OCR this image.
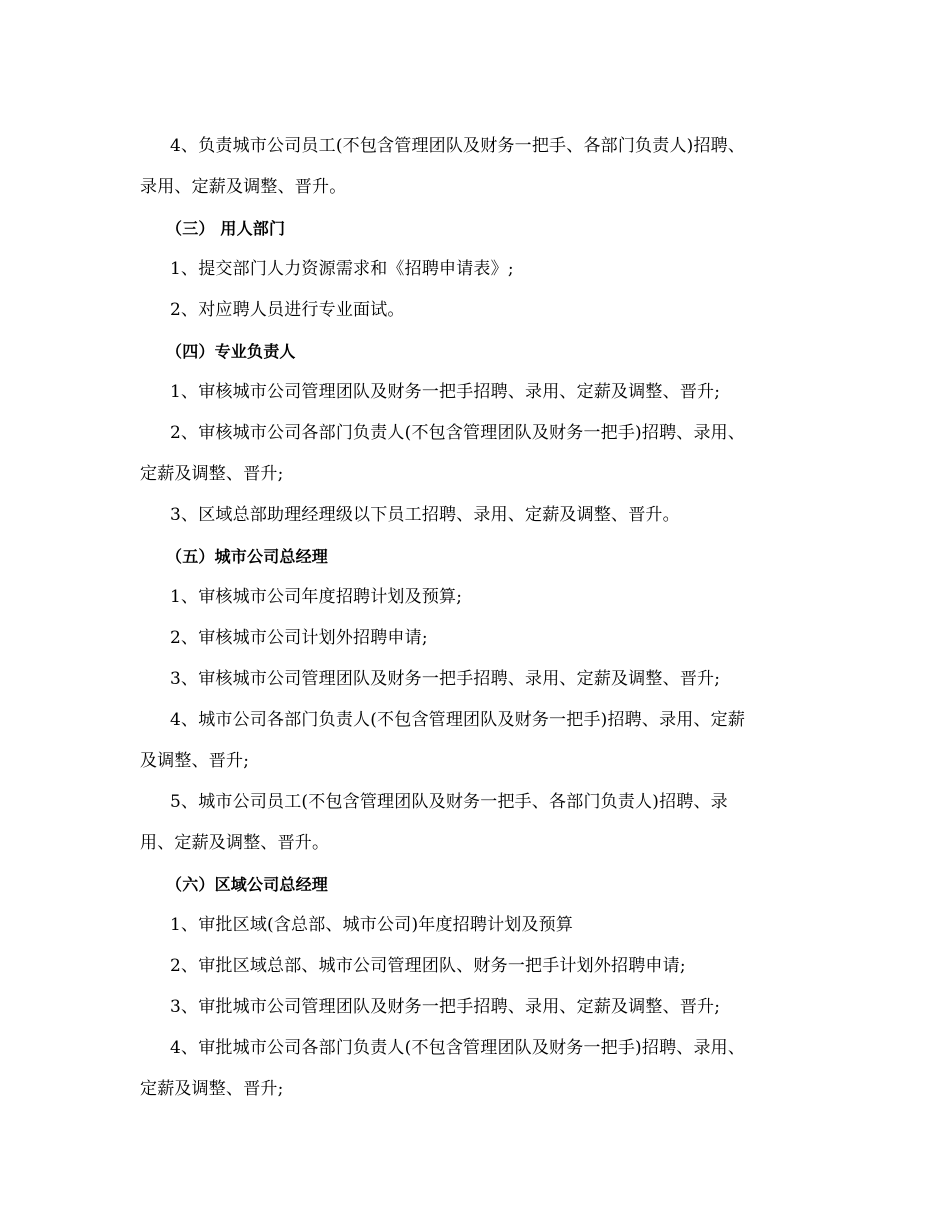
4、负责城市公司员工(不包含管理团队及财务一把手、各部门负责人)招聘、
录用、定薪及调整、晋升。
（三） 用人部门
1、提交部门人力资源需求和《招聘申请表》;
2、对应聘人员进行专业面试。
（四）专业负责人
1、审核城市公司管理团队及财务一把手招聘、录用、定薪及调整、晋升;
2、审核城市公司各部门负责人(不包含管理团队及财务一把手)招聘、录用、
定薪及调整、晋升;
3、区域总部助理经理级以下员工招聘、录用、定薪及调整、晋升。
（五）城市公司总经理
1、审核城市公司年度招聘计划及预算;
2、审核城市公司计划外招聘申请;
3、审核城市公司管理团队及财务一把手招聘、录用、定薪及调整、晋升;
4、城市公司各部门负责人(不包含管理团队及财务一把手)招聘、录用、定薪
及调整、晋升;
5、城市公司员工(不包含管理团队及财务一把手、各部门负责人)招聘、录
用、定薪及调整、晋升。
（六）区域公司总经理
1、审批区域(含总部、城市公司)年度招聘计划及预算
2、审批区域总部、城市公司管理团队、财务一把手计划外招聘申请;
3、审批城市公司管理团队及财务一把手招聘、录用、定薪及调整、晋升;
4、审批城市公司各部门负责人(不包含管理团队及财务一把手)招聘、录用、
定薪及调整、晋升;
